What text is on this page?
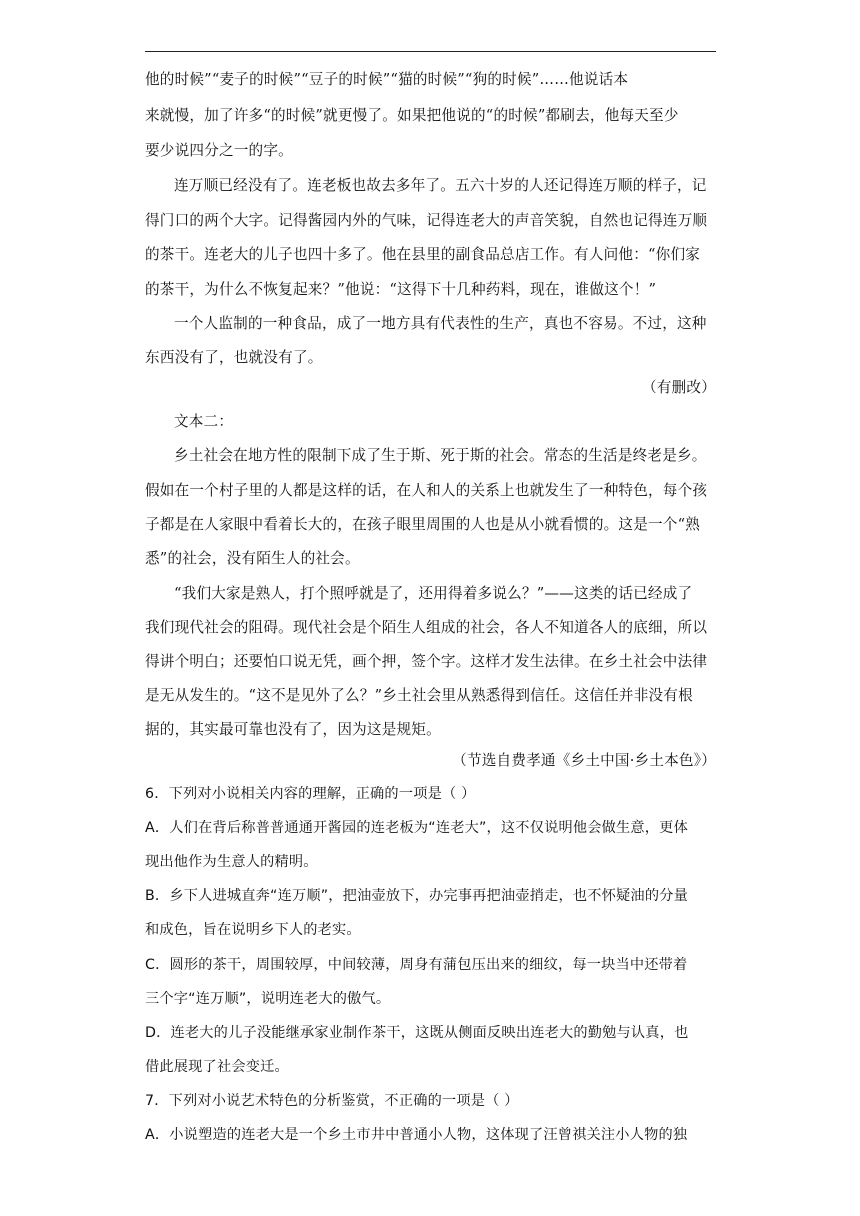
他的时候”“麦子的时候”“豆子的时候”“猫的时候”“狗的时候”……他说话本
来就慢，加了许多“的时候”就更慢了。如果把他说的“的时候”都刷去，他每天至少
要少说四分之一的字。
连万顺已经没有了。连老板也故去多年了。五六十岁的人还记得连万顺的样子，记
得门口的两个大字。记得酱园内外的气味，记得连老大的声音笑貌，自然也记得连万顺
的茶干。连老大的儿子也四十多了。他在县里的副食品总店工作。有人问他：“你们家
的茶干，为什么不恢复起来？”他说：“这得下十几种药料，现在，谁做这个！”
一个人监制的一种食品，成了一地方具有代表性的生产，真也不容易。不过，这种
东西没有了，也就没有了。
（有删改）
文本二：
乡土社会在地方性的限制下成了生于斯、死于斯的社会。常态的生活是终老是乡。
假如在一个村子里的人都是这样的话，在人和人的关系上也就发生了一种特色，每个孩
子都是在人家眼中看着长大的，在孩子眼里周围的人也是从小就看惯的。这是一个“熟
悉”的社会，没有陌生人的社会。
“我们大家是熟人，打个照呼就是了，还用得着多说么？”——这类的话已经成了
我们现代社会的阻碍。现代社会是个陌生人组成的社会，各人不知道各人的底细，所以
得讲个明白；还要怕口说无凭，画个押，签个字。这样才发生法律。在乡土社会中法律
是无从发生的。“这不是见外了么？”乡土社会里从熟悉得到信任。这信任并非没有根
据的，其实最可靠也没有了，因为这是规矩。
（节选自费孝通《乡土中国·乡土本色》）
6．下列对小说相关内容的理解，正确的一项是（ ）
A．人们在背后称普普通通开酱园的连老板为“连老大”，这不仅说明他会做生意，更体
现出他作为生意人的精明。
B．乡下人进城直奔“连万顺”，把油壶放下，办完事再把油壶捎走，也不怀疑油的分量
和成色，旨在说明乡下人的老实。
C．圆形的茶干，周围较厚，中间较薄，周身有蒲包压出来的细纹，每一块当中还带着
三个字“连万顺”，说明连老大的傲气。
D．连老大的儿子没能继承家业制作茶干，这既从侧面反映出连老大的勤勉与认真，也
借此展现了社会变迁。
7．下列对小说艺术特色的分析鉴赏，不正确的一项是（ ）
A．小说塑造的连老大是一个乡土市井中普通小人物，这体现了汪曾祺关注小人物的独
